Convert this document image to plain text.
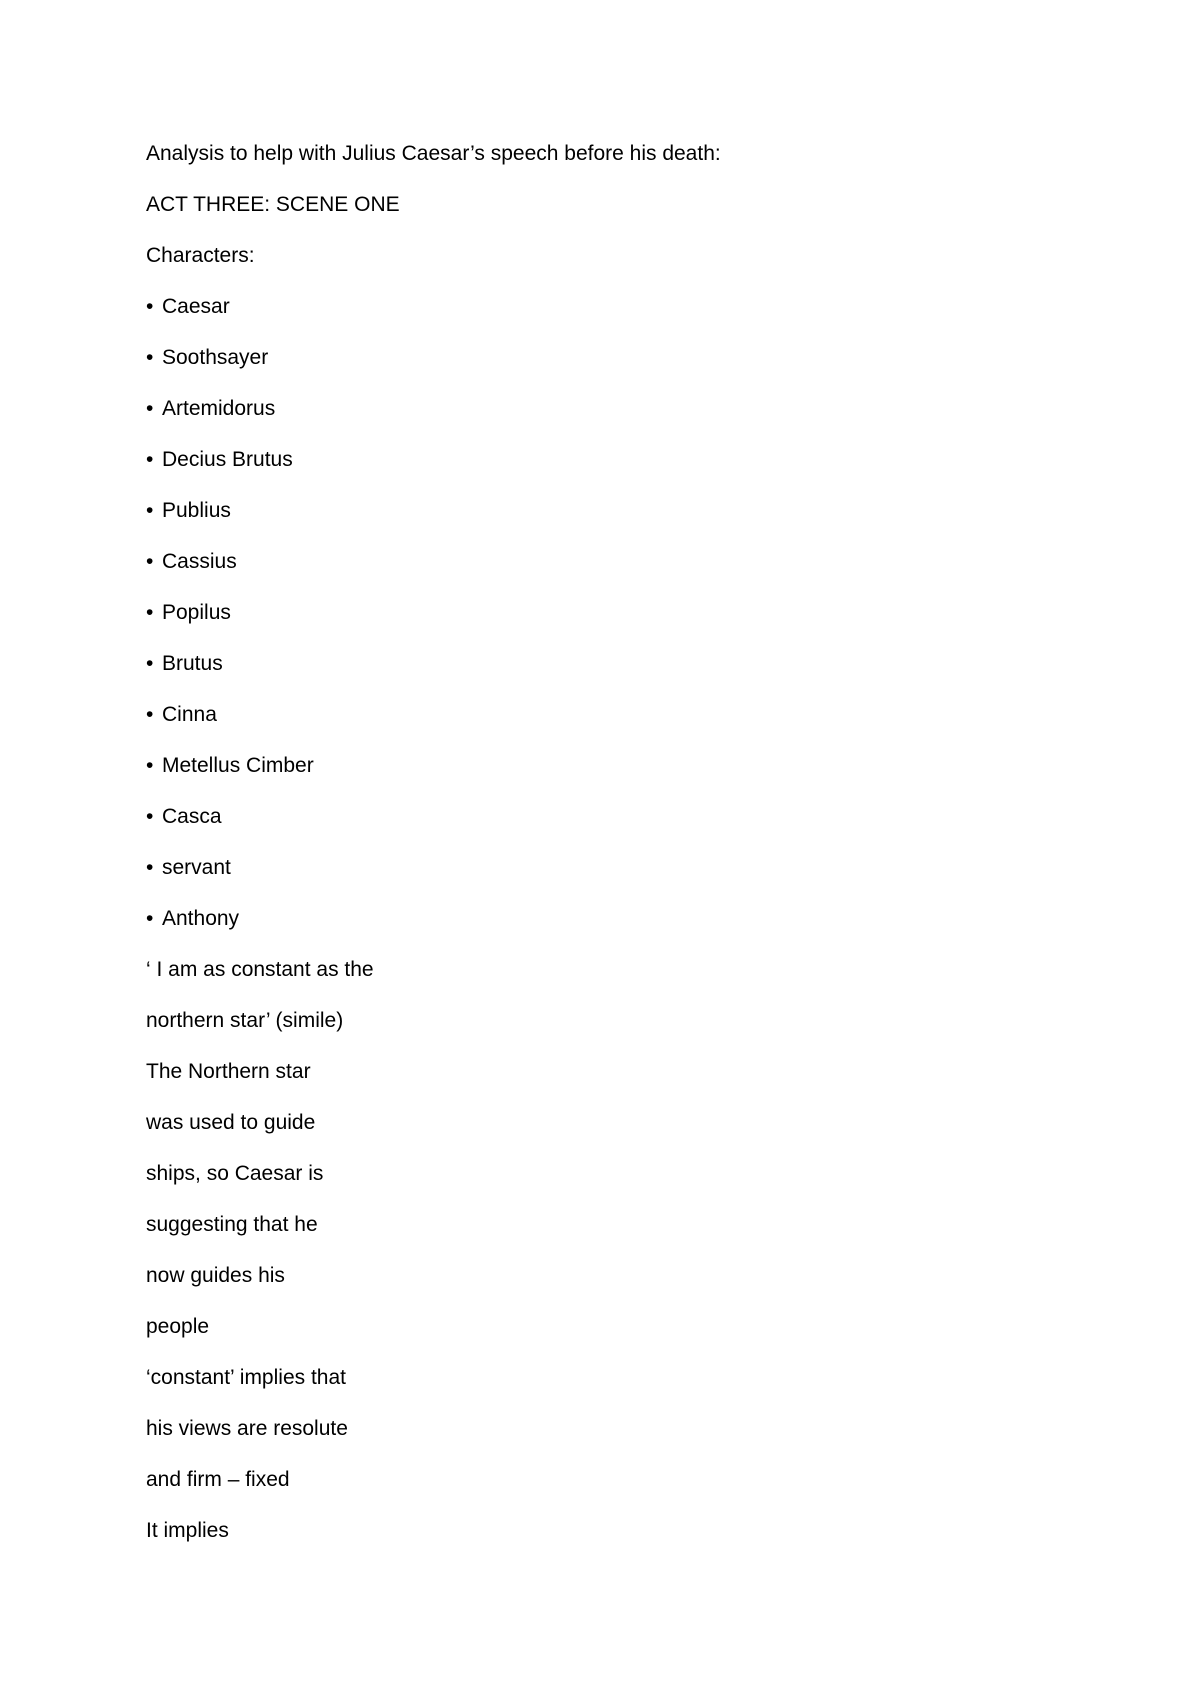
Analysis to help with Julius Caesar’s speech before his death:
ACT THREE: SCENE ONE
Characters:
• Caesar
• Soothsayer
• Artemidorus
• Decius Brutus
• Publius
• Cassius
• Popilus
• Brutus
• Cinna
• Metellus Cimber
• Casca
• servant
• Anthony
‘ I am as constant as the
northern star’ (simile)
The Northern star
was used to guide
ships, so Caesar is
suggesting that he
now guides his
people
‘constant’ implies that
his views are resolute
and firm – fixed
It implies
